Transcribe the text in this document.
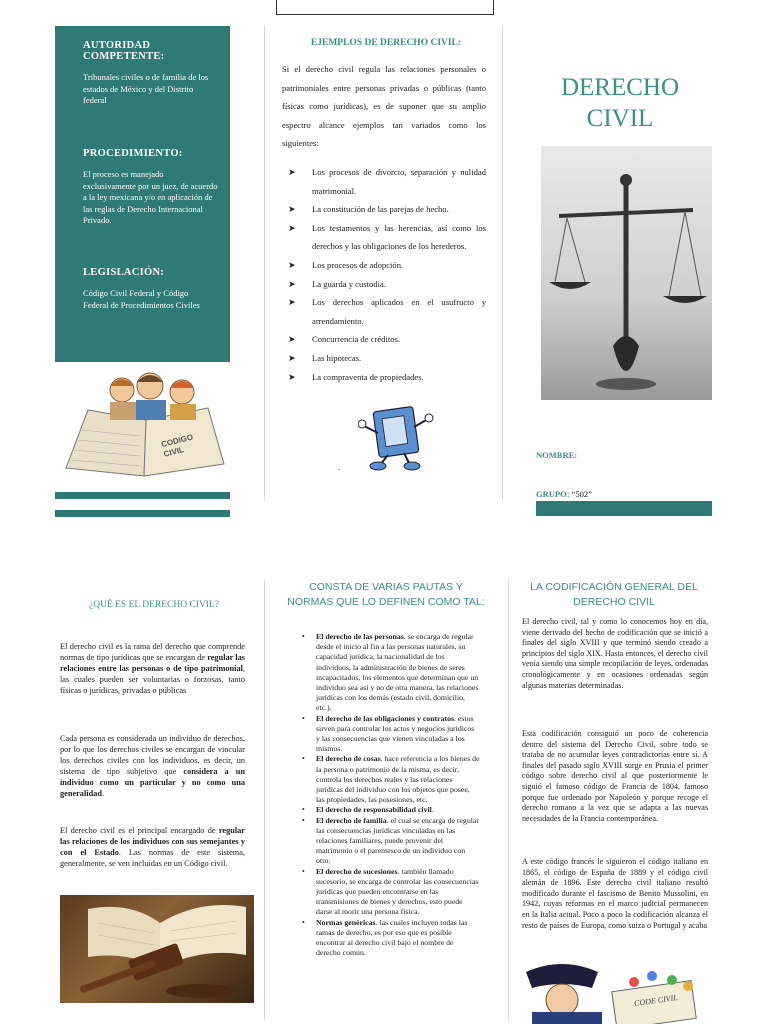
AUTORIDAD COMPETENTE:

Tribunales civiles o de familia de los estados de México y del Distrito federal

PROCEDIMIENTO:

El proceso es manejado exclusivamente por un juez, de acuerdo a la ley mexicana y/o en aplicación de las reglas de Derecho Internacional Privado.

LEGISLACIÓN:

Código Civil Federal y Código Federal de Procedimientos Civiles

CODIGO CIVIL
EJEMPLOS DE DERECHO CIVIL:
Si el derecho civil regula las relaciones personales o patrimoniales entre personas privadas o públicas (tanto físicas como jurídicas), es de suponer que su amplio espectro alcance ejemplos tan variados como los siguientes:
➤ Los procesos de divorcio, separación y nulidad matrimonial.
➤ La constitución de las parejas de hecho.
➤ Los testamentos y las herencias, así como los derechos y las obligaciones de los herederos.
➤ Los procesos de adopción.
➤ La guarda y custodia.
➤ Los derechos aplicados en el usufructo y arrendamiento.
➤ Concurrencia de créditos.
➤ Las hipotecas.
➤ La compraventa de propiedades.
.
DERECHO
CIVIL
NOMBRE:
GRUPO: “502”
¿QUÉ ES EL DERECHO CIVIL?
El derecho civil es la rama del derecho que comprende normas de tipo jurídicas que se encargan de regular las relaciones entre las personas o de tipo patrimonial, las cuales pueden ser voluntarias o forzosas, tanto físicas o jurídicas, privadas o públicas
Cada persona es considerada un individuo de derechos, por lo que los derechos civiles se encargan de vincular los derechos civiles con los individuos, es decir, un sistema de tipo subjetivo que considera a un individuo como un particular y no como una generalidad.
El derecho civil es el principal encargado de regular las relaciones de los individuos con sus semejantes y con el Estado. Las normas de este sistema, generalmente, se ven incluidas en un Código civil.
CONSTA DE VARIAS PAUTAS Y NORMAS QUE LO DEFINEN COMO TAL:
• El derecho de las personas. se encarga de regular desde el inicio al fin a las personas naturales, su capacidad jurídica, la nacionalidad de los individuos, la administración de bienes de seres incapacitados, los elementos que determinan que un individuo sea así y no de otra manera, las relaciones jurídicas con los demás (estado civil, domicilio, etc.).
• El derecho de las obligaciones y contratos. estos sirven para controlar los actos y negocios jurídicos y las consecuencias que vienen vinculadas a los mismos.
• El derecho de cosas. hace referencia a los bienes de la persona o patrimonio de la misma, es decir, controla los derechos reales y las relaciones jurídicas del individuo con los objetos que posee, las propiedades, las posesiones, etc.
• El derecho de responsabilidad civil.
• El derecho de familia. el cual se encarga de regular las consecuencias jurídicas vinculadas en las relaciones familiares, puede provenir del matrimonio o el parentesco de un individuo con otro.
• El derecho de sucesiones. también llamado sucesorio, se encarga de controlar las consecuencias jurídicas que pueden encontrarse en las transmisiones de bienes y derechos, esto puede darse al morir una persona física.
• Normas genéricas. las cuales incluyen todas las ramas de derecho, es por eso que es posible encontrar al derecho civil bajo el nombre de derecho común.
LA CODIFICACIÓN GENERAL DEL DERECHO CIVIL
El derecho civil, tal y como lo conocemos hoy en día, viene derivado del hecho de codificación que se inició a finales del siglo XVIII y que terminó siendo creado a principios del siglo XIX. Hasta entonces, el derecho civil venía siendo una simple recopilación de leyes, ordenadas cronológicamente y en ocasiones ordenadas según algunas materias determinadas.
Esta codificación consiguió un poco de coherencia dentro del sistema del Derecho Civil, sobre todo se trataba de no acumular leyes contradictorias entre sí. A finales del pasado siglo XVIII surge en Prusia el primer código sobre derecho civil al que posteriormente le siguió el famoso código de Francia de 1804, famoso porque fue ordenado por Napoleón y porque recoge el derecho romano a la vez que se adapta a las nuevas necesidades de la Francia contemporánea.
A este código francés le siguieron el código italiano en 1865, el código de España de 1889 y el código civil alemán de 1896. Este derecho civil italiano resultó modificado durante el fascismo de Benito Mussolini, en 1942, cuyas reformas en el marco judicial permanecen en la Italia actual. Poco a poco la codificación alcanza el resto de países de Europa, como suiza o Portugal y acaba
CODE CIVIL
